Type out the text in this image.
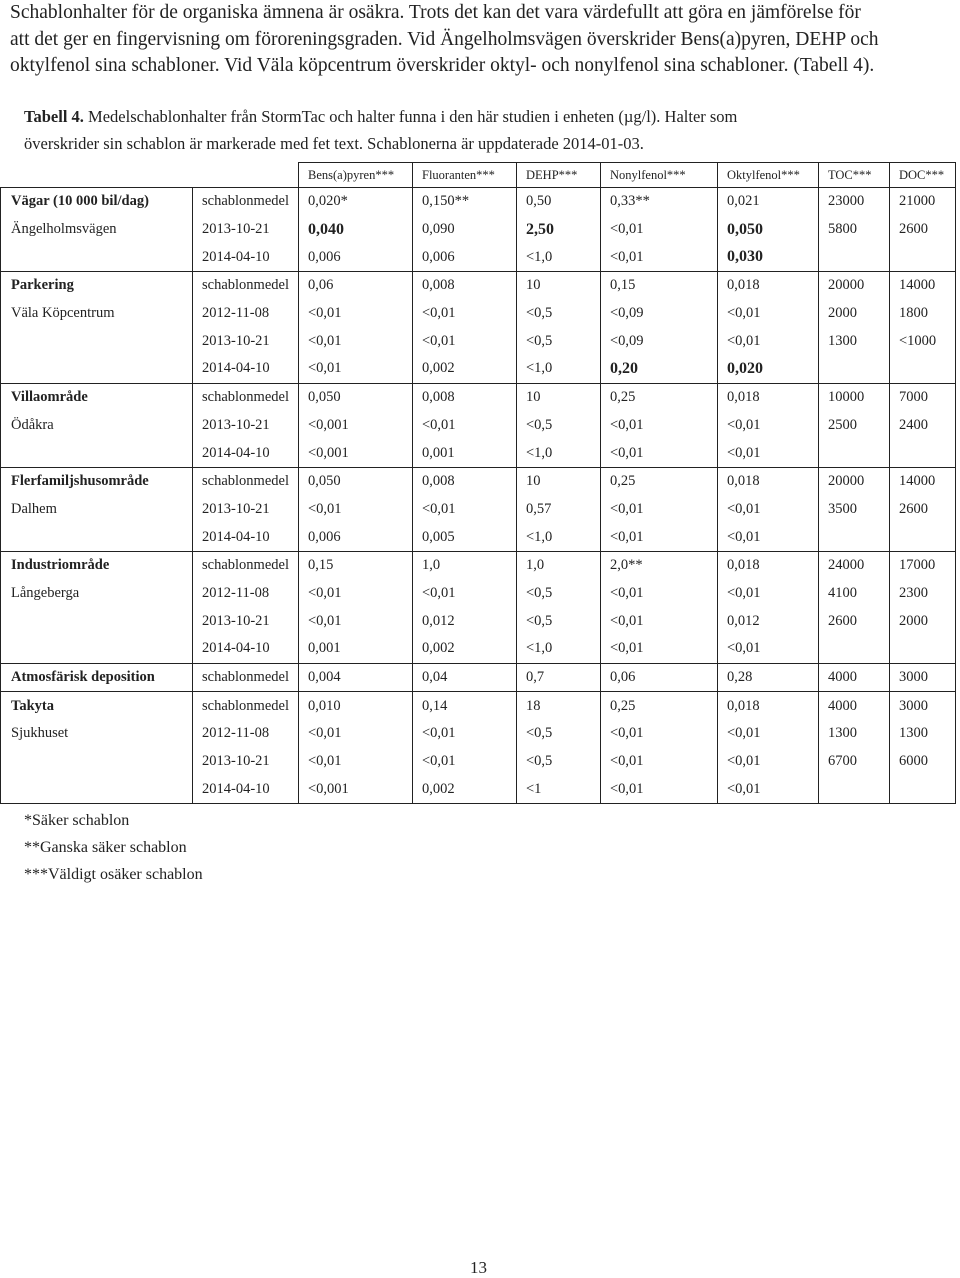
Schablonhalter för de organiska ämnena är osäkra. Trots det kan det vara värdefullt att göra en jämförelse för
att det ger en fingervisning om föroreningsgraden. Vid Ängelholmsvägen överskrider Bens(a)pyren, DEHP och
oktylfenol sina schabloner. Vid Väla köpcentrum överskrider oktyl- och nonylfenol sina schabloner. (Tabell 4).
Tabell 4. Medelschablonhalter från StormTac och halter funna i den här studien i enheten (µg/l). Halter som
överskrider sin schablon är markerade med fet text. Schablonerna är uppdaterade 2014-01-03.
		Bens(a)pyren***	Fluoranten***	DEHP***	Nonylfenol***	Oktylfenol***	TOC***	DOC***
Vägar (10 000 bil/dag)	schablonmedel	0,020*	0,150**	0,50	0,33**	0,021	23000	21000
Ängelholmsvägen	2013-10-21	0,040	0,090	2,50	<0,01	0,050	5800	2600
	2014-04-10	0,006	0,006	<1,0	<0,01	0,030		
Parkering	schablonmedel	0,06	0,008	10	0,15	0,018	20000	14000
Väla Köpcentrum	2012-11-08	<0,01	<0,01	<0,5	<0,09	<0,01	2000	1800
	2013-10-21	<0,01	<0,01	<0,5	<0,09	<0,01	1300	<1000
	2014-04-10	<0,01	0,002	<1,0	0,20	0,020		
Villaområde	schablonmedel	0,050	0,008	10	0,25	0,018	10000	7000
Ödåkra	2013-10-21	<0,001	<0,01	<0,5	<0,01	<0,01	2500	2400
	2014-04-10	<0,001	0,001	<1,0	<0,01	<0,01		
Flerfamiljshusområde	schablonmedel	0,050	0,008	10	0,25	0,018	20000	14000
Dalhem	2013-10-21	<0,01	<0,01	0,57	<0,01	<0,01	3500	2600
	2014-04-10	0,006	0,005	<1,0	<0,01	<0,01		
Industriområde	schablonmedel	0,15	1,0	1,0	2,0**	0,018	24000	17000
Långeberga	2012-11-08	<0,01	<0,01	<0,5	<0,01	<0,01	4100	2300
	2013-10-21	<0,01	0,012	<0,5	<0,01	0,012	2600	2000
	2014-04-10	0,001	0,002	<1,0	<0,01	<0,01		
Atmosfärisk deposition	schablonmedel	0,004	0,04	0,7	0,06	0,28	4000	3000
Takyta	schablonmedel	0,010	0,14	18	0,25	0,018	4000	3000
Sjukhuset	2012-11-08	<0,01	<0,01	<0,5	<0,01	<0,01	1300	1300
	2013-10-21	<0,01	<0,01	<0,5	<0,01	<0,01	6700	6000
	2014-04-10	<0,001	0,002	<1	<0,01	<0,01		
*Säker schablon
**Ganska säker schablon
***Väldigt osäker schablon
13
